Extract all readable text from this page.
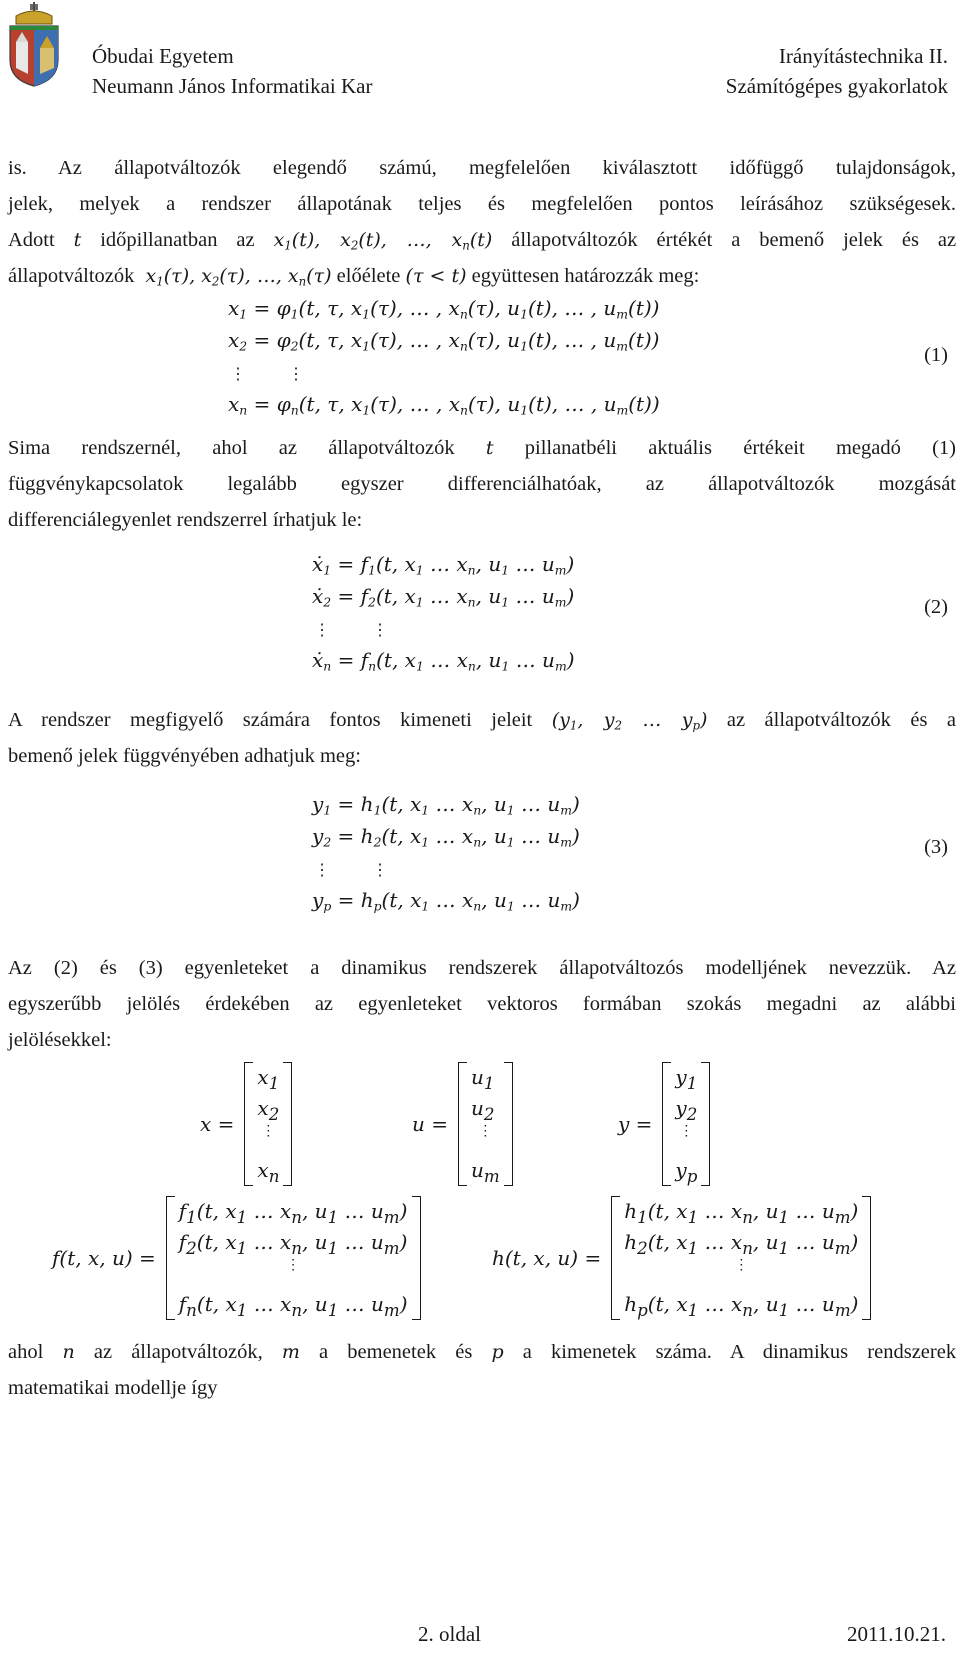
Óbudai Egyetem
Neumann János Informatikai Kar
Irányítástechnika II.
Számítógépes gyakorlatok
is. Az állapotváltozók elegendő számú, megfelelően kiválasztott időfüggő tulajdonságok,
jelek, melyek a rendszer állapotának teljes és megfelelően pontos leírásához szükségesek.
Adott t időpillanatban az $x_1(t)$, $x_2(t)$, …, $x_n(t)$ állapotváltozók értékét a bemenő jelek és az
állapotváltozók  $x_1(\tau)$, $x_2(\tau)$, …, $x_n(\tau)$ előélete (τ < t) együttesen határozzák meg:
$x_1 = \varphi_1(t$, τ, $x_1(\tau)$, … , $x_n(\tau)$, $u_1(t)$, … , $u_m(t)$)
$x_2 = \varphi_2(t$, τ, $x_1(\tau)$, … , $x_n(\tau)$, $u_1(t)$, … , $u_m(t)$)
⋮	⋮
$x_n = \varphi_n(t$, τ, $x_1(\tau)$, … , $x_n(\tau)$, $u_1(t)$, … , $u_m(t)$)
(1)
Sima rendszernél, ahol az állapotváltozók t pillanatbéli aktuális értékeit megadó (1)
függvénykapcsolatok legalább egyszer differenciálhatóak, az állapotváltozók mozgását
differenciálegyenlet rendszerrel írhatjuk le:
ẋ$_1$ = $f_1(t$, $x_1$ … $x_n$, $u_1$ … $u_m$)
ẋ$_2$ = $f_2(t$, $x_1$ … $x_n$, $u_1$ … $u_m$)
⋮	⋮
ẋ$_n$ = $f_n(t$, $x_1$ … $x_n$, $u_1$ … $u_m$)
(2)
A rendszer megfigyelő számára fontos kimeneti jeleit ($y_1$, $y_2$ … $y_p$) az állapotváltozók és a
bemenő jelek függvényében adhatjuk meg:
$y_1 = h_1(t$, $x_1$ … $x_n$, $u_1$ … $u_m$)
$y_2 = h_2(t$, $x_1$ … $x_n$, $u_1$ … $u_m$)
⋮	⋮
$y_p = h_p(t$, $x_1$ … $x_n$, $u_1$ … $u_m$)
(3)
Az (2) és (3) egyenleteket a dinamikus rendszerek állapotváltozós modelljének nevezzük. Az
egyszerűbb jelölés érdekében az egyenleteket vektoros formában szokás megadni az alábbi
jelölésekkel:
x =
$x_1$
$x_2$
⋮
$x_n$
u =
$u_1$
$u_2$
⋮
$u_m$
y =
$y_1$
$y_2$
⋮
$y_p$
f(t, x, u) =
$f_1(t$, $x_1$ … $x_n$, $u_1$ … $u_m$)
$f_2(t$, $x_1$ … $x_n$, $u_1$ … $u_m$)
⋮
$f_n(t$, $x_1$ … $x_n$, $u_1$ … $u_m$)
h(t, x, u) =
$h_1(t$, $x_1$ … $x_n$, $u_1$ … $u_m$)
$h_2(t$, $x_1$ … $x_n$, $u_1$ … $u_m$)
⋮
$h_p(t$, $x_1$ … $x_n$, $u_1$ … $u_m$)
ahol n az állapotváltozók, m a bemenetek és p a kimenetek száma. A dinamikus rendszerek
matematikai modellje így
2. oldal	2011.10.21.
